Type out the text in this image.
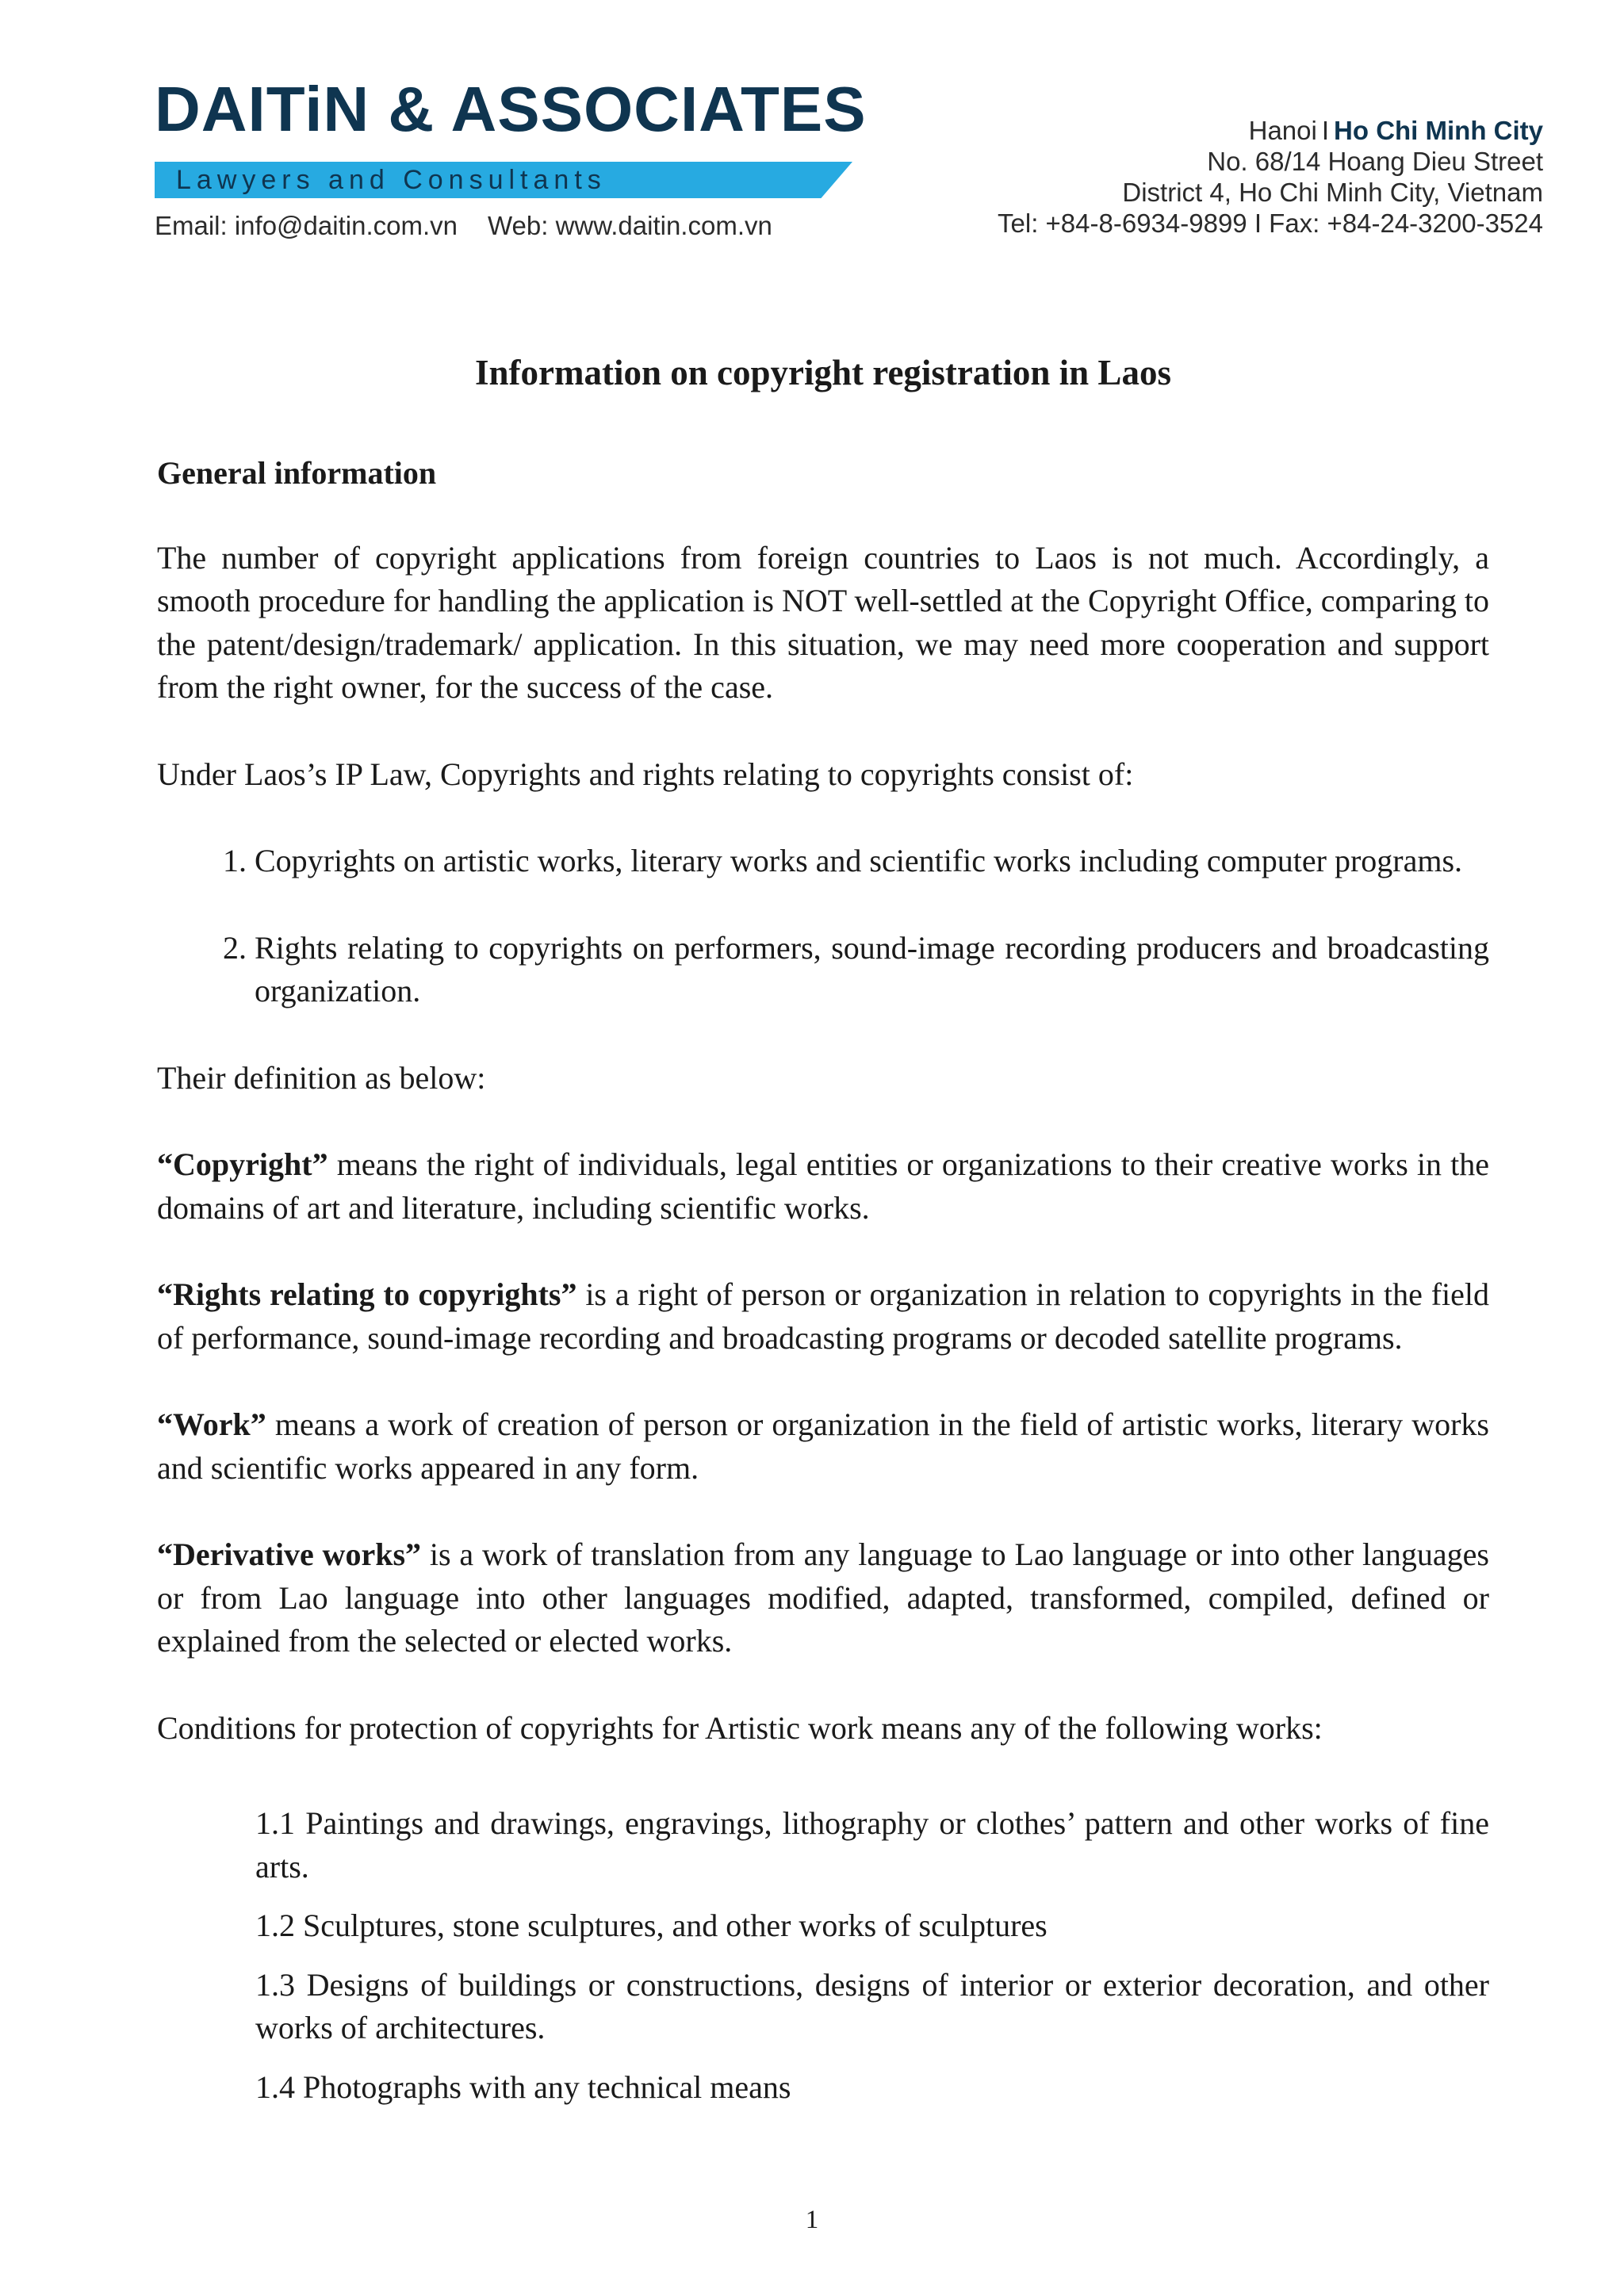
DAITiN & ASSOCIATES
Lawyers and Consultants
Email: info@daitin.com.vn Web: www.daitin.com.vn
Hanoi I Ho Chi Minh City
No. 68/14 Hoang Dieu Street
District 4, Ho Chi Minh City, Vietnam
Tel: +84-8-6934-9899 I Fax: +84-24-3200-3524
Information on copyright registration in Laos
General information

The number of copyright applications from foreign countries to Laos is not much. Accordingly, a smooth procedure for handling the application is NOT well-settled at the Copyright Office, comparing to the patent/design/trademark/ application. In this situation, we may need more cooperation and support from the right owner, for the success of the case.

Under Laos’s IP Law, Copyrights and rights relating to copyrights consist of:

1. Copyrights on artistic works, literary works and scientific works including computer programs.
2. Rights relating to copyrights on performers, sound-image recording producers and broadcasting organization.

Their definition as below:

“Copyright” means the right of individuals, legal entities or organizations to their creative works in the domains of art and literature, including scientific works.

“Rights relating to copyrights” is a right of person or organization in relation to copyrights in the field of performance, sound-image recording and broadcasting programs or decoded satellite programs.

“Work” means a work of creation of person or organization in the field of artistic works, literary works and scientific works appeared in any form.

“Derivative works” is a work of translation from any language to Lao language or into other languages or from Lao language into other languages modified, adapted, transformed, compiled, defined or explained from the selected or elected works.

Conditions for protection of copyrights for Artistic work means any of the following works:

1.1 Paintings and drawings, engravings, lithography or clothes’ pattern and other works of fine arts.
1.2 Sculptures, stone sculptures, and other works of sculptures
1.3 Designs of buildings or constructions, designs of interior or exterior decoration, and other works of architectures.
1.4 Photographs with any technical means
1
